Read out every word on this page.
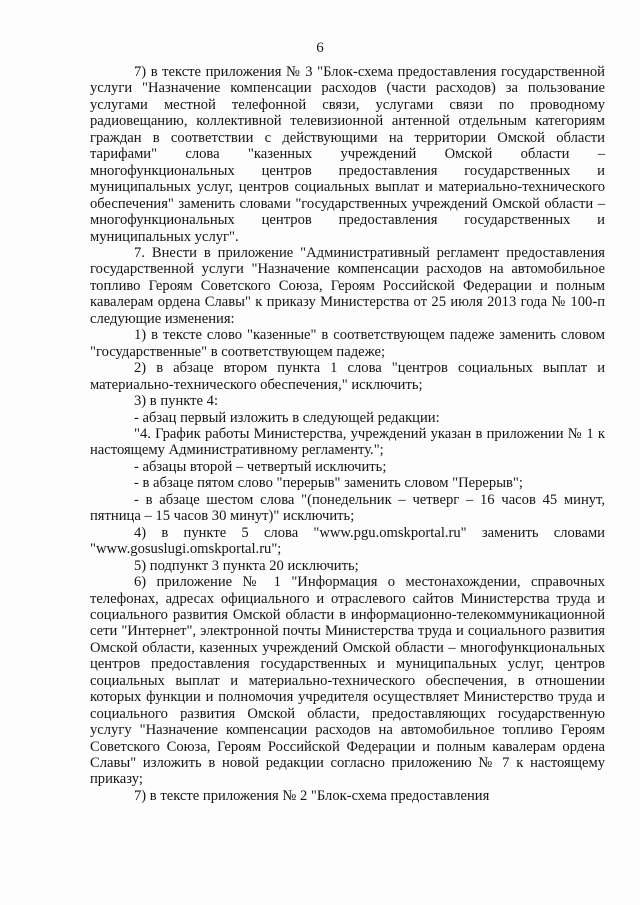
6

7) в тексте приложения № 3 "Блок-схема предоставления государственной услуги "Назначение компенсации расходов (части расходов) за пользование услугами местной телефонной связи, услугами связи по проводному радиовещанию, коллективной телевизионной антенной отдельным категориям граждан в соответствии с действующими на территории Омской области тарифами" слова "казенных учреждений Омской области – многофункциональных центров предоставления государственных и муниципальных услуг, центров социальных выплат и материально-технического обеспечения" заменить словами "государственных учреждений Омской области – многофункциональных центров предоставления государственных и муниципальных услуг".

7. Внести в приложение "Административный регламент предоставления государственной услуги "Назначение компенсации расходов на автомобильное топливо Героям Советского Союза, Героям Российской Федерации и полным кавалерам ордена Славы" к приказу Министерства от 25 июля 2013 года № 100-п следующие изменения:

1) в тексте слово "казенные" в соответствующем падеже заменить словом "государственные" в соответствующем падеже;

2) в абзаце втором пункта 1 слова "центров социальных выплат и материально-технического обеспечения," исключить;

3) в пункте 4:

- абзац первый изложить в следующей редакции:

"4. График работы Министерства, учреждений указан в приложении № 1 к настоящему Административному регламенту.";

- абзацы второй – четвертый исключить;

- в абзаце пятом слово "перерыв" заменить словом "Перерыв";

- в абзаце шестом слова "(понедельник – четверг – 16 часов 45 минут, пятница – 15 часов 30 минут)" исключить;

4) в пункте 5 слова "www.pgu.omskportal.ru" заменить словами "www.gosuslugi.omskportal.ru";

5) подпункт 3 пункта 20 исключить;

6) приложение № 1 "Информация о местонахождении, справочных телефонах, адресах официального и отраслевого сайтов Министерства труда и социального развития Омской области в информационно-телекоммуникационной сети "Интернет", электронной почты Министерства труда и социального развития Омской области, казенных учреждений Омской области – многофункциональных центров предоставления государственных и муниципальных услуг, центров социальных выплат и материально-технического обеспечения, в отношении которых функции и полномочия учредителя осуществляет Министерство труда и социального развития Омской области, предоставляющих государственную услугу "Назначение компенсации расходов на автомобильное топливо Героям Советского Союза, Героям Российской Федерации и полным кавалерам ордена Славы" изложить в новой редакции согласно приложению № 7 к настоящему приказу;

7) в тексте приложения № 2 "Блок-схема предоставления
